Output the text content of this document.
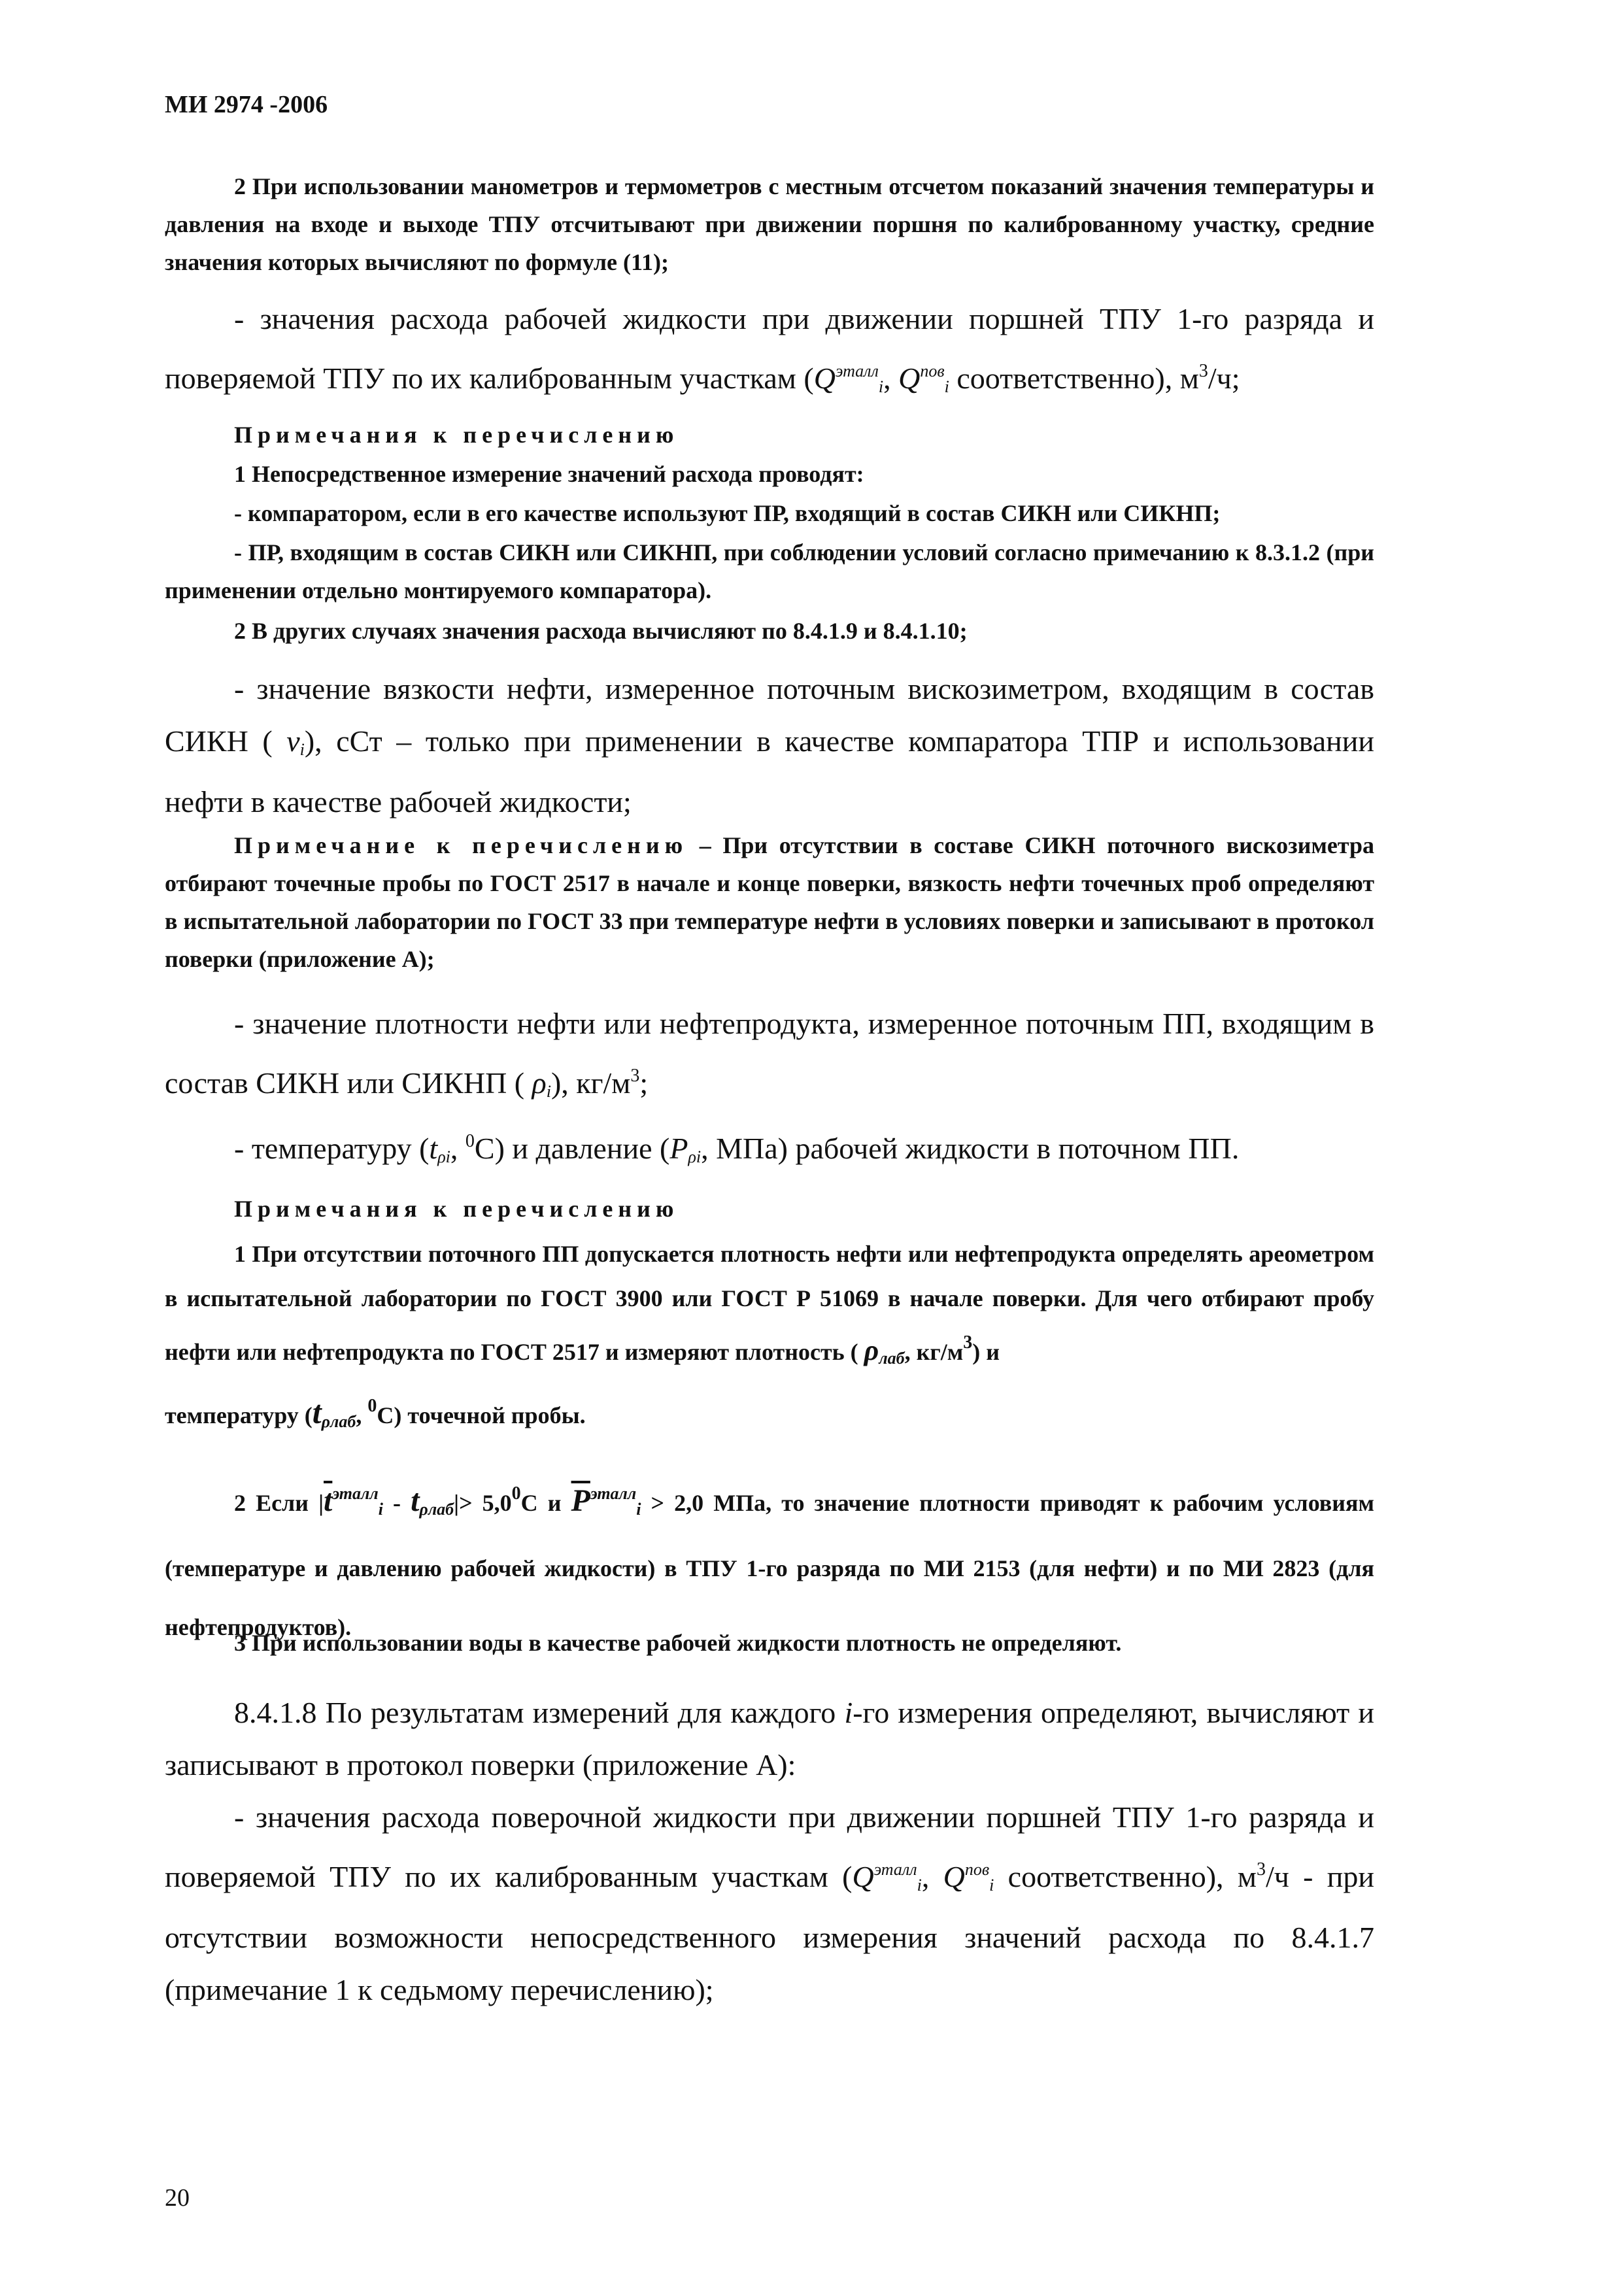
МИ 2974 -2006

2 При использовании манометров и термометров с местным отсчетом показаний значения температуры и давления на входе и выходе ТПУ отсчитывают при движении поршня по калиброванному участку, средние значения которых вычисляют по формуле (11);

- значения расхода рабочей жидкости при движении поршней ТПУ 1-го разряда и поверяемой ТПУ по их калиброванным участкам ($Q^{эталл}_i$, $Q^{пов}_i$ соответственно), $м^3/ч$;

Примечания к перечислению

1 Непосредственное измерение значений расхода проводят:

- компаратором, если в его качестве используют ПР, входящий в состав СИКН или СИКНП;

- ПР, входящим в состав СИКН или СИКНП, при соблюдении условий согласно примечанию к 8.3.1.2 (при применении отдельно монтируемого компаратора).

2 В других случаях значения расхода вычисляют по 8.4.1.9 и 8.4.1.10;

- значение вязкости нефти, измеренное поточным вискозиметром, входящим в состав СИКН ( $\nu_i$), сСт – только при применении в качестве компаратора ТПР и использовании нефти в качестве рабочей жидкости;

Примечание к перечислению – При отсутствии в составе СИКН поточного вискозиметра отбирают точечные пробы по ГОСТ 2517 в начале и конце поверки, вязкость нефти точечных проб определяют в испытательной лаборатории по ГОСТ 33 при температуре нефти в условиях поверки и записывают в протокол поверки (приложение А);

- значение плотности нефти или нефтепродукта, измеренное поточным ПП, входящим в состав СИКН или СИКНП ( $\rho_i$), $кг/м^3$;

- температуру ($t_{\rho i}$, $^0$С) и давление ($P_{\rho i}$, МПа) рабочей жидкости в поточном ПП.

Примечания к перечислению

1 При отсутствии поточного ПП допускается плотность нефти или нефтепродукта определять ареометром в испытательной лаборатории по ГОСТ 3900 или ГОСТ Р 51069 в начале поверки. Для чего отбирают пробу нефти или нефтепродукта по ГОСТ 2517 и измеряют плотность ( $\rho_{лаб}$, $кг/м^3$) и

температуру ($t_{\rho лаб}$, $^0$С) точечной пробы.

2 Если $|\overline{t}^{эталл}_i - t_{\rho лаб}|> 5,0^0С$ и $\overline{P}^{эталл}_i > 2,0$ МПа, то значение плотности приводят к рабочим условиям (температуре и давлению рабочей жидкости) в ТПУ 1-го разряда по МИ 2153 (для нефти) и по МИ 2823 (для нефтепродуктов).

3 При использовании воды в качестве рабочей жидкости плотность не определяют.

8.4.1.8 По результатам измерений для каждого i-го измерения определяют, вычисляют и записывают в протокол поверки (приложение А):

- значения расхода поверочной жидкости при движении поршней ТПУ 1-го разряда и поверяемой ТПУ по их калиброванным участкам ($Q^{эталл}_i$, $Q^{пов}_i$ соответственно), $м^3/ч$ - при отсутствии возможности непосредственного измерения значений расхода по 8.4.1.7 (примечание 1 к седьмому перечислению);

20
